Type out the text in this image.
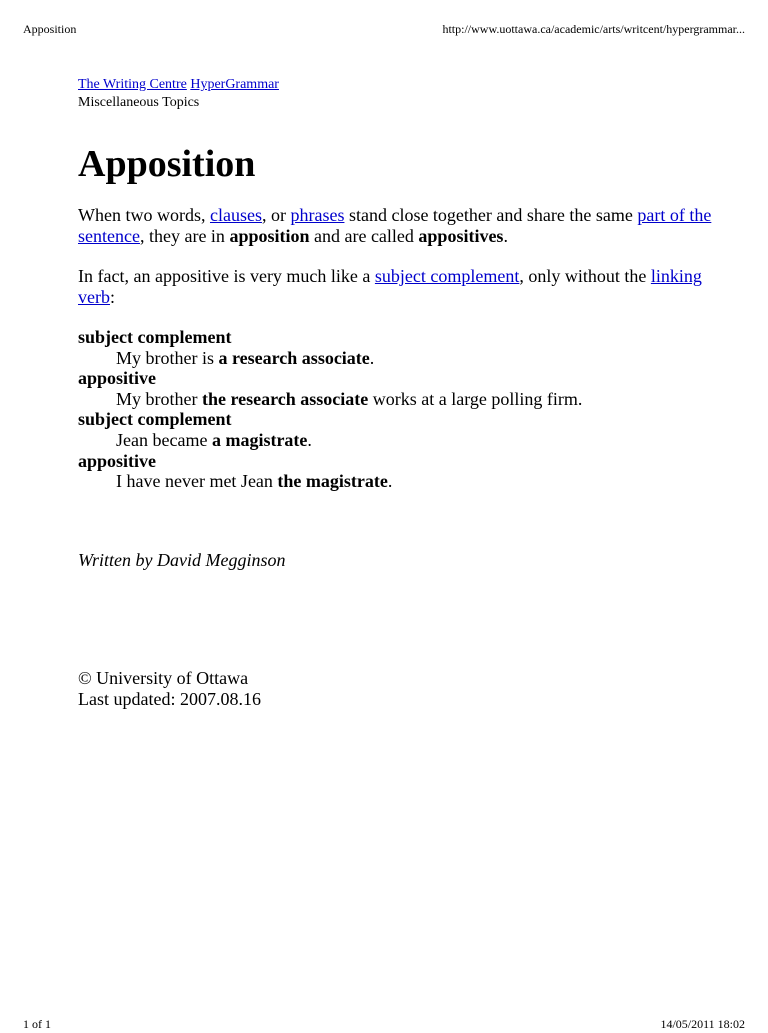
Apposition	http://www.uottawa.ca/academic/arts/writcent/hypergrammar...
The Writing Centre HyperGrammar
Miscellaneous Topics
Apposition

When two words, clauses, or phrases stand close together and share the same part of the sentence, they are in apposition and are called appositives.

In fact, an appositive is very much like a subject complement, only without the linking verb:

subject complement
My brother is a research associate.
appositive
My brother the research associate works at a large polling firm.
subject complement
Jean became a magistrate.
appositive
I have never met Jean the magistrate.
Written by David Megginson
© University of Ottawa
Last updated: 2007.08.16
1 of 1	14/05/2011 18:02
